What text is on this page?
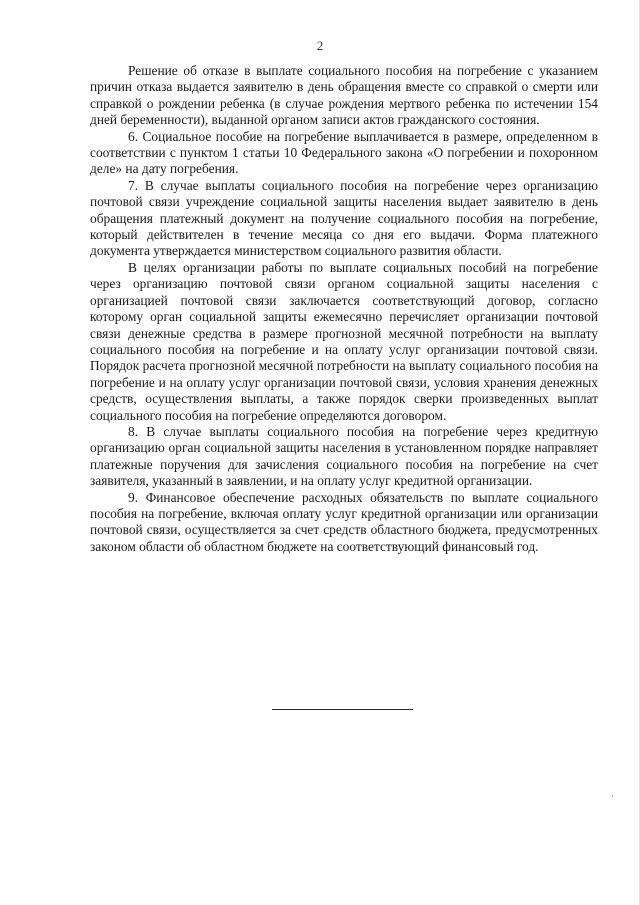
2

Решение об отказе в выплате социального пособия на погребение с указанием причин отказа выдается заявителю в день обращения вместе со справкой о смерти или справкой о рождении ребенка (в случае рождения мертвого ребенка по истечении 154 дней беременности), выданной органом записи актов гражданского состояния.

6. Социальное пособие на погребение выплачивается в размере, определенном в соответствии с пунктом 1 статьи 10 Федерального закона «О погребении и похоронном деле» на дату погребения.

7. В случае выплаты социального пособия на погребение через организацию почтовой связи учреждение социальной защиты населения выдает заявителю в день обращения платежный документ на получение социального пособия на погребение, который действителен в течение месяца со дня его выдачи. Форма платежного документа утверждается министерством социального развития области.

В целях организации работы по выплате социальных пособий на погребение через организацию почтовой связи органом социальной защиты населения с организацией почтовой связи заключается соответствующий договор, согласно которому орган социальной защиты ежемесячно перечисляет организации почтовой связи денежные средства в размере прогнозной месячной потребности на выплату социального пособия на погребение и на оплату услуг организации почтовой связи. Порядок расчета прогнозной месячной потребности на выплату социального пособия на погребение и на оплату услуг организации почтовой связи, условия хранения денежных средств, осуществления выплаты, а также порядок сверки произведенных выплат социального пособия на погребение определяются договором.

8. В случае выплаты социального пособия на погребение через кредитную организацию орган социальной защиты населения в установленном порядке направляет платежные поручения для зачисления социального пособия на погребение на счет заявителя, указанный в заявлении, и на оплату услуг кредитной организации.

9. Финансовое обеспечение расходных обязательств по выплате социального пособия на погребение, включая оплату услуг кредитной организации или организации почтовой связи, осуществляется за счет средств областного бюджета, предусмотренных законом области об областном бюджете на соответствующий финансовый год.
